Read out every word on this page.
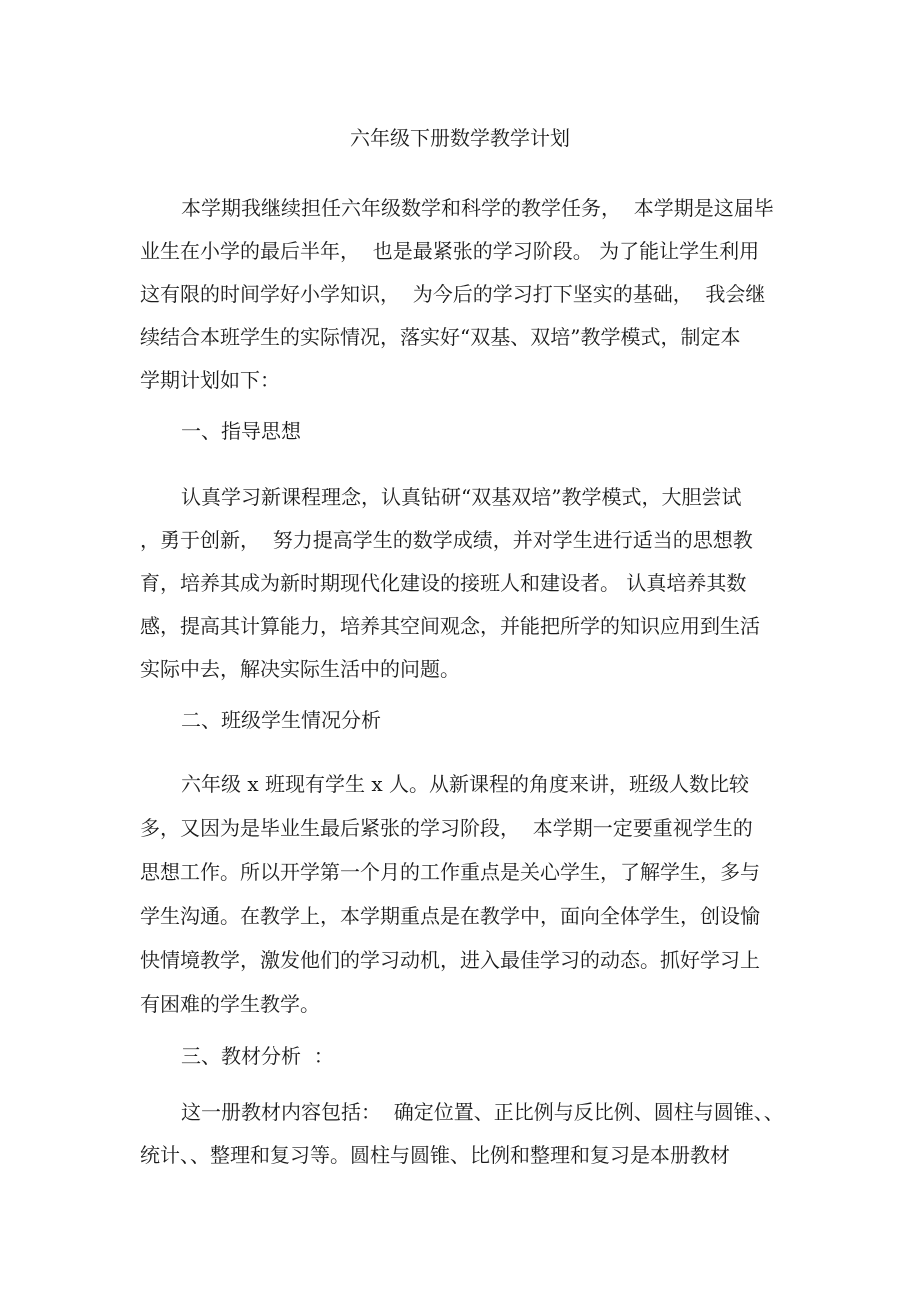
六年级下册数学教学计划
本学期我继续担任六年级数学和科学的教学任务，  本学期是这届毕
业生在小学的最后半年，  也是最紧张的学习阶段。 为了能让学生利用
这有限的时间学好小学知识，  为今后的学习打下坚实的基础，  我会继
续结合本班学生的实际情况，落实好“双基、双培”教学模式，制定本
学期计划如下：
一、指导思想
认真学习新课程理念，认真钻研“双基双培”教学模式，大胆尝试
，勇于创新，  努力提高学生的数学成绩，并对学生进行适当的思想教
育，培养其成为新时期现代化建设的接班人和建设者。 认真培养其数
感，提高其计算能力，培养其空间观念，并能把所学的知识应用到生活
实际中去，解决实际生活中的问题。
二、班级学生情况分析
六年级 x 班现有学生 x 人。从新课程的角度来讲，班级人数比较
多，又因为是毕业生最后紧张的学习阶段，  本学期一定要重视学生的
思想工作。所以开学第一个月的工作重点是关心学生，了解学生，多与
学生沟通。在教学上，本学期重点是在教学中，面向全体学生，创设愉
快情境教学，激发他们的学习动机，进入最佳学习的动态。抓好学习上
有困难的学生教学。
三、教材分析  ：
这一册教材内容包括：  确定位置、正比例与反比例、圆柱与圆锥、、
统计、、整理和复习等。圆柱与圆锥、比例和整理和复习是本册教材
